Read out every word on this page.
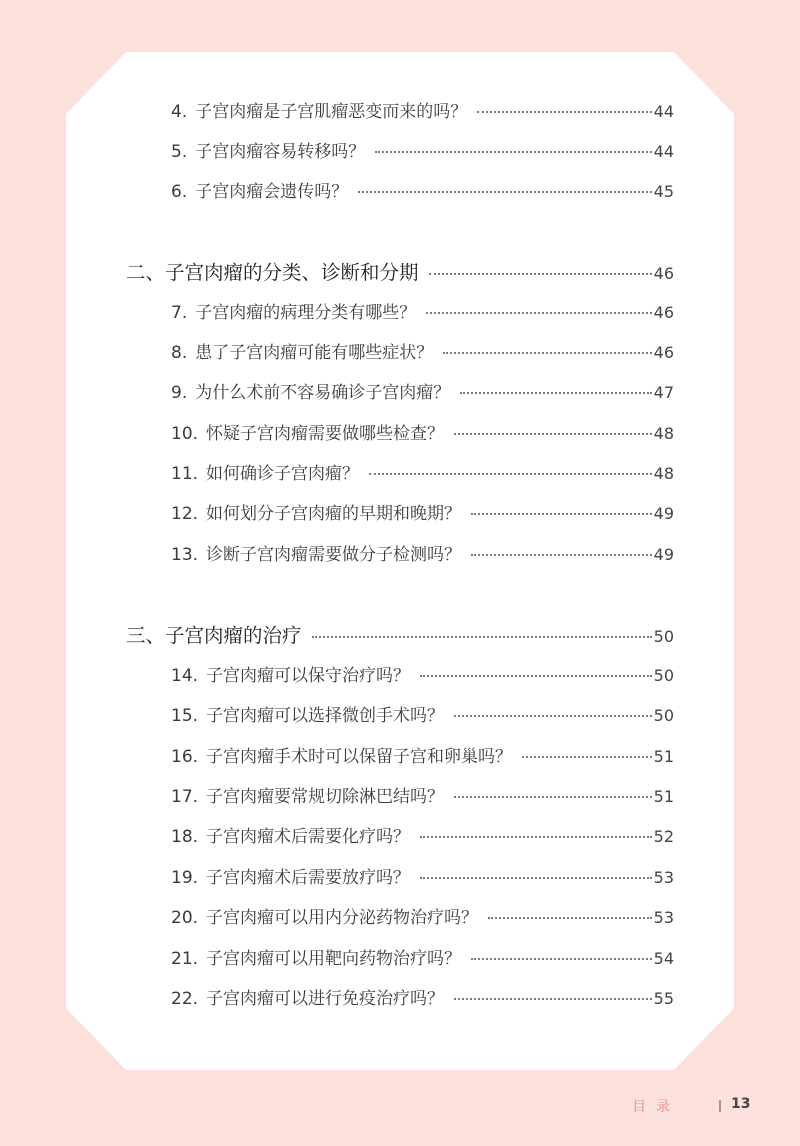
4. 子宫肉瘤是子宫肌瘤恶变而来的吗？	44
5. 子宫肉瘤容易转移吗？	44
6. 子宫肉瘤会遗传吗？	45
二、子宫肉瘤的分类、诊断和分期	46
7. 子宫肉瘤的病理分类有哪些？	46
8. 患了子宫肉瘤可能有哪些症状？	46
9. 为什么术前不容易确诊子宫肉瘤？	47
10. 怀疑子宫肉瘤需要做哪些检查？	48
11. 如何确诊子宫肉瘤？	48
12. 如何划分子宫肉瘤的早期和晚期？	49
13. 诊断子宫肉瘤需要做分子检测吗？	49
三、子宫肉瘤的治疗	50
14. 子宫肉瘤可以保守治疗吗？	50
15. 子宫肉瘤可以选择微创手术吗？	50
16. 子宫肉瘤手术时可以保留子宫和卵巢吗？	51
17. 子宫肉瘤要常规切除淋巴结吗？	51
18. 子宫肉瘤术后需要化疗吗？	52
19. 子宫肉瘤术后需要放疗吗？	53
20. 子宫肉瘤可以用内分泌药物治疗吗？	53
21. 子宫肉瘤可以用靶向药物治疗吗？	54
22. 子宫肉瘤可以进行免疫治疗吗？	55
目录	13
